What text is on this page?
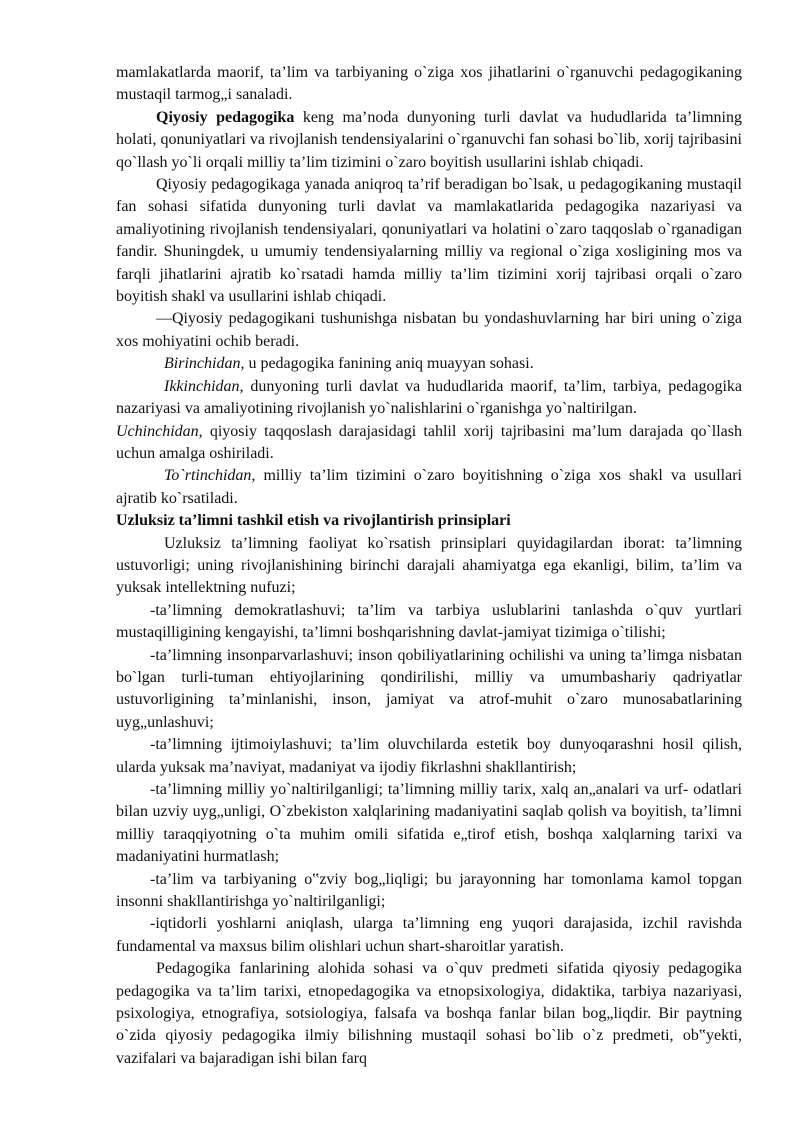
mamlakatlarda maorif, ta’lim va tarbiyaning o`ziga xos jihatlarini o`rganuvchi pedagogikaning mustaqil tarmog„i sanaladi.

Qiyosiy pedagogika keng ma’noda dunyoning turli davlat va hududlarida ta’limning holati, qonuniyatlari va rivojlanish tendensiyalarini o`rganuvchi fan sohasi bo`lib, xorij tajribasini qo`llash yo`li orqali milliy ta’lim tizimini o`zaro boyitish usullarini ishlab chiqadi.

Qiyosiy pedagogikaga yanada aniqroq ta’rif beradigan bo`lsak, u pedagogikaning mustaqil fan sohasi sifatida dunyoning turli davlat va mamlakatlarida pedagogika nazariyasi va amaliyotining rivojlanish tendensiyalari, qonuniyatlari va holatini o`zaro taqqoslab o`rganadigan fandir. Shuningdek, u umumiy tendensiyalarning milliy va regional o`ziga xosligining mos va farqli jihatlarini ajratib ko`rsatadi hamda milliy ta’lim tizimini xorij tajribasi orqali o`zaro boyitish shakl va usullarini ishlab chiqadi.

—Qiyosiy pedagogikani tushunishga nisbatan bu yondashuvlarning har biri uning o`ziga xos mohiyatini ochib beradi.

Birinchidan, u pedagogika fanining aniq muayyan sohasi.

Ikkinchidan, dunyoning turli davlat va hududlarida maorif, ta’lim, tarbiya, pedagogika nazariyasi va amaliyotining rivojlanish yo`nalishlarini o`rganishga yo`naltirilgan.

Uchinchidan, qiyosiy taqqoslash darajasidagi tahlil xorij tajribasini ma’lum darajada qo`llash uchun amalga oshiriladi.

To`rtinchidan, milliy ta’lim tizimini o`zaro boyitishning o`ziga xos shakl va usullari ajratib ko`rsatiladi.

Uzluksiz ta’limni tashkil etish va rivojlantirish prinsiplari

Uzluksiz ta’limning faoliyat ko`rsatish prinsiplari quyidagilardan iborat: ta’limning ustuvorligi; uning rivojlanishining birinchi darajali ahamiyatga ega ekanligi, bilim, ta’lim va yuksak intellektning nufuzi;

-ta’limning demokratlashuvi; ta’lim va tarbiya uslublarini tanlashda o`quv yurtlari mustaqilligining kengayishi, ta’limni boshqarishning davlat-jamiyat tizimiga o`tilishi;

-ta’limning insonparvarlashuvi; inson qobiliyatlarining ochilishi va uning ta’limga nisbatan bo`lgan turli-tuman ehtiyojlarining qondirilishi, milliy va umumbashariy qadriyatlar ustuvorligining ta’minlanishi, inson, jamiyat va atrof-muhit o`zaro munosabatlarining uyg„unlashuvi;

-ta’limning ijtimoiylashuvi; ta’lim oluvchilarda estetik boy dunyoqarashni hosil qilish, ularda yuksak ma’naviyat, madaniyat va ijodiy fikrlashni shakllantirish;

-ta’limning milliy yo`naltirilganligi; ta’limning milliy tarix, xalq an„analari va urf- odatlari bilan uzviy uyg„unligi, O`zbekiston xalqlarining madaniyatini saqlab qolish va boyitish, ta’limni milliy taraqqiyotning o`ta muhim omili sifatida e„tirof etish, boshqa xalqlarning tarixi va madaniyatini hurmatlash;

-ta’lim va tarbiyaning o‟zviy bog„liqligi; bu jarayonning har tomonlama kamol topgan insonni shakllantirishga yo`naltirilganligi;

-iqtidorli yoshlarni aniqlash, ularga ta’limning eng yuqori darajasida, izchil ravishda fundamental va maxsus bilim olishlari uchun shart-sharoitlar yaratish.

Pedagogika fanlarining alohida sohasi va o`quv predmeti sifatida qiyosiy pedagogika pedagogika va ta’lim tarixi, etnopedagogika va etnopsixologiya, didaktika, tarbiya nazariyasi, psixologiya, etnografiya, sotsiologiya, falsafa va boshqa fanlar bilan bog„liqdir. Bir paytning o`zida qiyosiy pedagogika ilmiy bilishning mustaqil sohasi bo`lib o`z predmeti, ob‟yekti, vazifalari va bajaradigan ishi bilan farq
